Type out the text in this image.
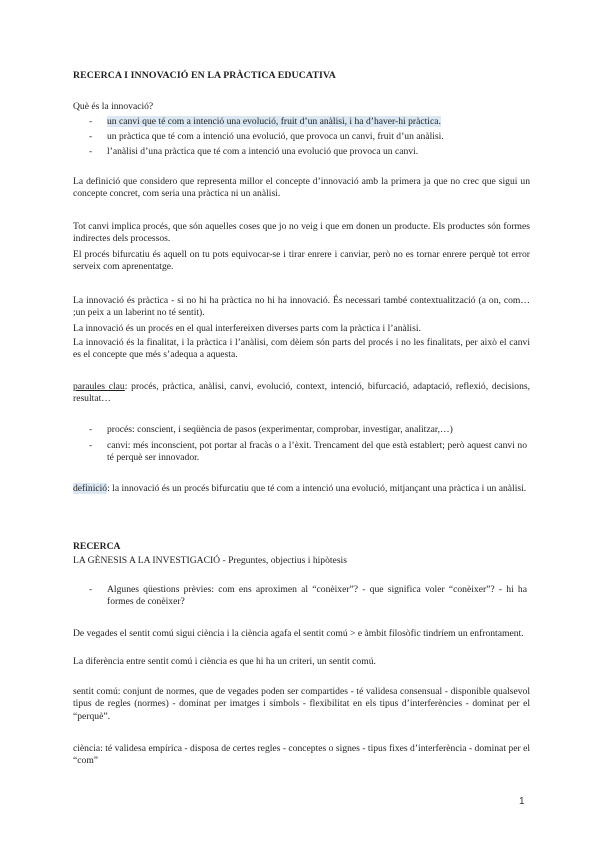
RECERCA I INNOVACIÓ EN LA PRÀCTICA EDUCATIVA

Què és la innovació?

- un canvi que té com a intenció una evolució, fruit d’un anàlisi, i ha d’haver-hi pràctica.
- un pràctica que té com a intenció una evolució, que provoca un canvi, fruit d’un anàlisi.
- l’anàlisi d’una pràctica que té com a intenció una evolució que provoca un canvi.

La definició que considero que representa millor el concepte d’innovació amb la primera ja que no crec que sigui un concepte concret, com seria una pràctica ni un anàlisi.

Tot canvi implica procés, que són aquelles coses que jo no veig i que em donen un producte. Els productes són formes indirectes dels processos.

El procés bifurcatiu és aquell on tu pots equivocar-se i tirar enrere i canviar, però no es tornar enrere perquè tot error serveix com aprenentatge.

La innovació és pràctica - si no hi ha pràctica no hi ha innovació. És necessari també contextualització (a on, com… ;un peix a un laberint no té sentit).

La innovació és un procés en el qual interfereixen diverses parts com la pràctica i l’anàlisi.

La innovació és la finalitat, i la pràctica i l’anàlisi, com dèiem són parts del procés i no les finalitats, per això el canvi es el concepte que més s’adequa a aquesta.

paraules clau: procés, pràctica, anàlisi, canvi, evolució, context, intenció, bifurcació, adaptació, reflexió, decisions, resultat…

- procés: conscient, i seqüència de pasos (experimentar, comprobar, investigar, analitzar,…)
- canvi: més inconscient, pot portar al fracàs o a l’èxit. Trencament del que està establert; però aquest canvi no té perquè ser innovador.

definició: la innovació és un procés bifurcatiu que té com a intenció una evolució, mitjançant una pràctica i un anàlisi.

RECERCA

LA GÈNESIS A LA INVESTIGACIÓ - Preguntes, objectius i hipòtesis

- Algunes qüestions prèvies: com ens aproximen al “conèixer”? - que significa voler “conèixer”? - hi ha formes de conèixer?

De vegades el sentit comú sigui ciència i la ciència agafa el sentit comú > e àmbit filosòfic tindríem un enfrontament.

La diferència entre sentit comú i ciència es que hi ha un criteri, un sentit comú.

sentit comú: conjunt de normes, que de vegades poden ser compartides - té validesa consensual - disponible qualsevol tipus de regles (normes) - dominat per imatges i símbols - flexibilitat en els tipus d’interferències - dominat per el “perquè”.

ciència: té validesa empírica - disposa de certes regles - conceptes o signes - tipus fixes d’interferència - dominat per el “com”

1
